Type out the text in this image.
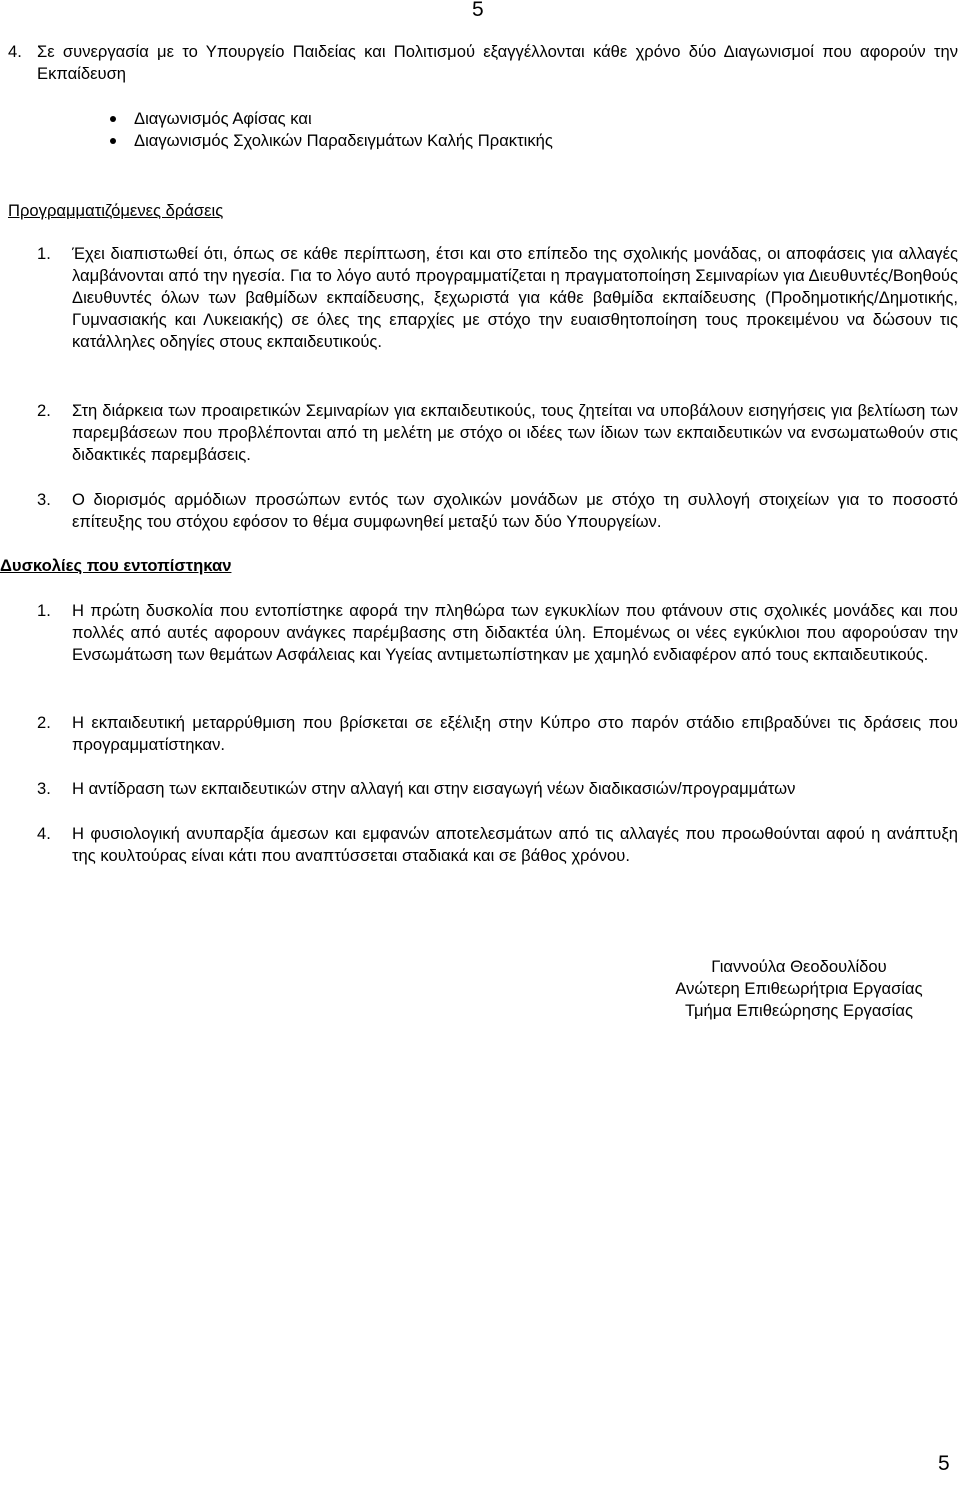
5
4. Σε συνεργασία με το Υπουργείο Παιδείας και Πολιτισμού εξαγγέλλονται κάθε χρόνο δύο Διαγωνισμοί που αφορούν την Εκπαίδευση
Διαγωνισμός Αφίσας και
Διαγωνισμός Σχολικών Παραδειγμάτων Καλής Πρακτικής
Προγραμματιζόμενες δράσεις
1. Έχει διαπιστωθεί ότι, όπως σε κάθε περίπτωση, έτσι και στο επίπεδο της σχολικής μονάδας, οι αποφάσεις για αλλαγές λαμβάνονται από την ηγεσία. Για το λόγο αυτό προγραμματίζεται η πραγματοποίηση Σεμιναρίων για Διευθυντές/Βοηθούς Διευθυντές όλων των βαθμίδων εκπαίδευσης, ξεχωριστά για κάθε βαθμίδα εκπαίδευσης (Προδημοτικής/Δημοτικής, Γυμνασιακής και Λυκειακής) σε όλες της επαρχίες με στόχο την ευαισθητοποίηση τους προκειμένου να δώσουν τις κατάλληλες οδηγίες στους εκπαιδευτικούς.
2. Στη διάρκεια των προαιρετικών Σεμιναρίων για εκπαιδευτικούς, τους ζητείται να υποβάλουν εισηγήσεις για βελτίωση των παρεμβάσεων που προβλέπονται από τη μελέτη με στόχο οι ιδέες των ίδιων των εκπαιδευτικών να ενσωματωθούν στις διδακτικές παρεμβάσεις.
3. Ο διορισμός αρμόδιων προσώπων εντός των σχολικών μονάδων με στόχο τη συλλογή στοιχείων για το ποσοστό επίτευξης του στόχου εφόσον το θέμα συμφωνηθεί μεταξύ των δύο Υπουργείων.
Δυσκολίες που εντοπίστηκαν
1. Η πρώτη δυσκολία που εντοπίστηκε αφορά την πληθώρα των εγκυκλίων που φτάνουν στις σχολικές μονάδες και που πολλές από αυτές αφορουν ανάγκες παρέμβασης στη διδακτέα ύλη. Επομένως οι νέες εγκύκλιοι που αφορούσαν την Ενσωμάτωση των θεμάτων Ασφάλειας και Υγείας αντιμετωπίστηκαν με χαμηλό ενδιαφέρον από τους εκπαιδευτικούς.
2. Η εκπαιδευτική μεταρρύθμιση που βρίσκεται σε εξέλιξη στην Κύπρο στο παρόν στάδιο επιβραδύνει τις δράσεις που προγραμματίστηκαν.
3. Η αντίδραση των εκπαιδευτικών στην αλλαγή και στην εισαγωγή νέων διαδικασιών/προγραμμάτων
4. Η φυσιολογική ανυπαρξία άμεσων και εμφανών αποτελεσμάτων από τις αλλαγές που προωθούνται αφού η ανάπτυξη της κουλτούρας είναι κάτι που αναπτύσσεται σταδιακά και σε βάθος χρόνου.
Γιαννούλα Θεοδουλίδου
Ανώτερη Επιθεωρήτρια Εργασίας
Τμήμα Επιθεώρησης Εργασίας
5
